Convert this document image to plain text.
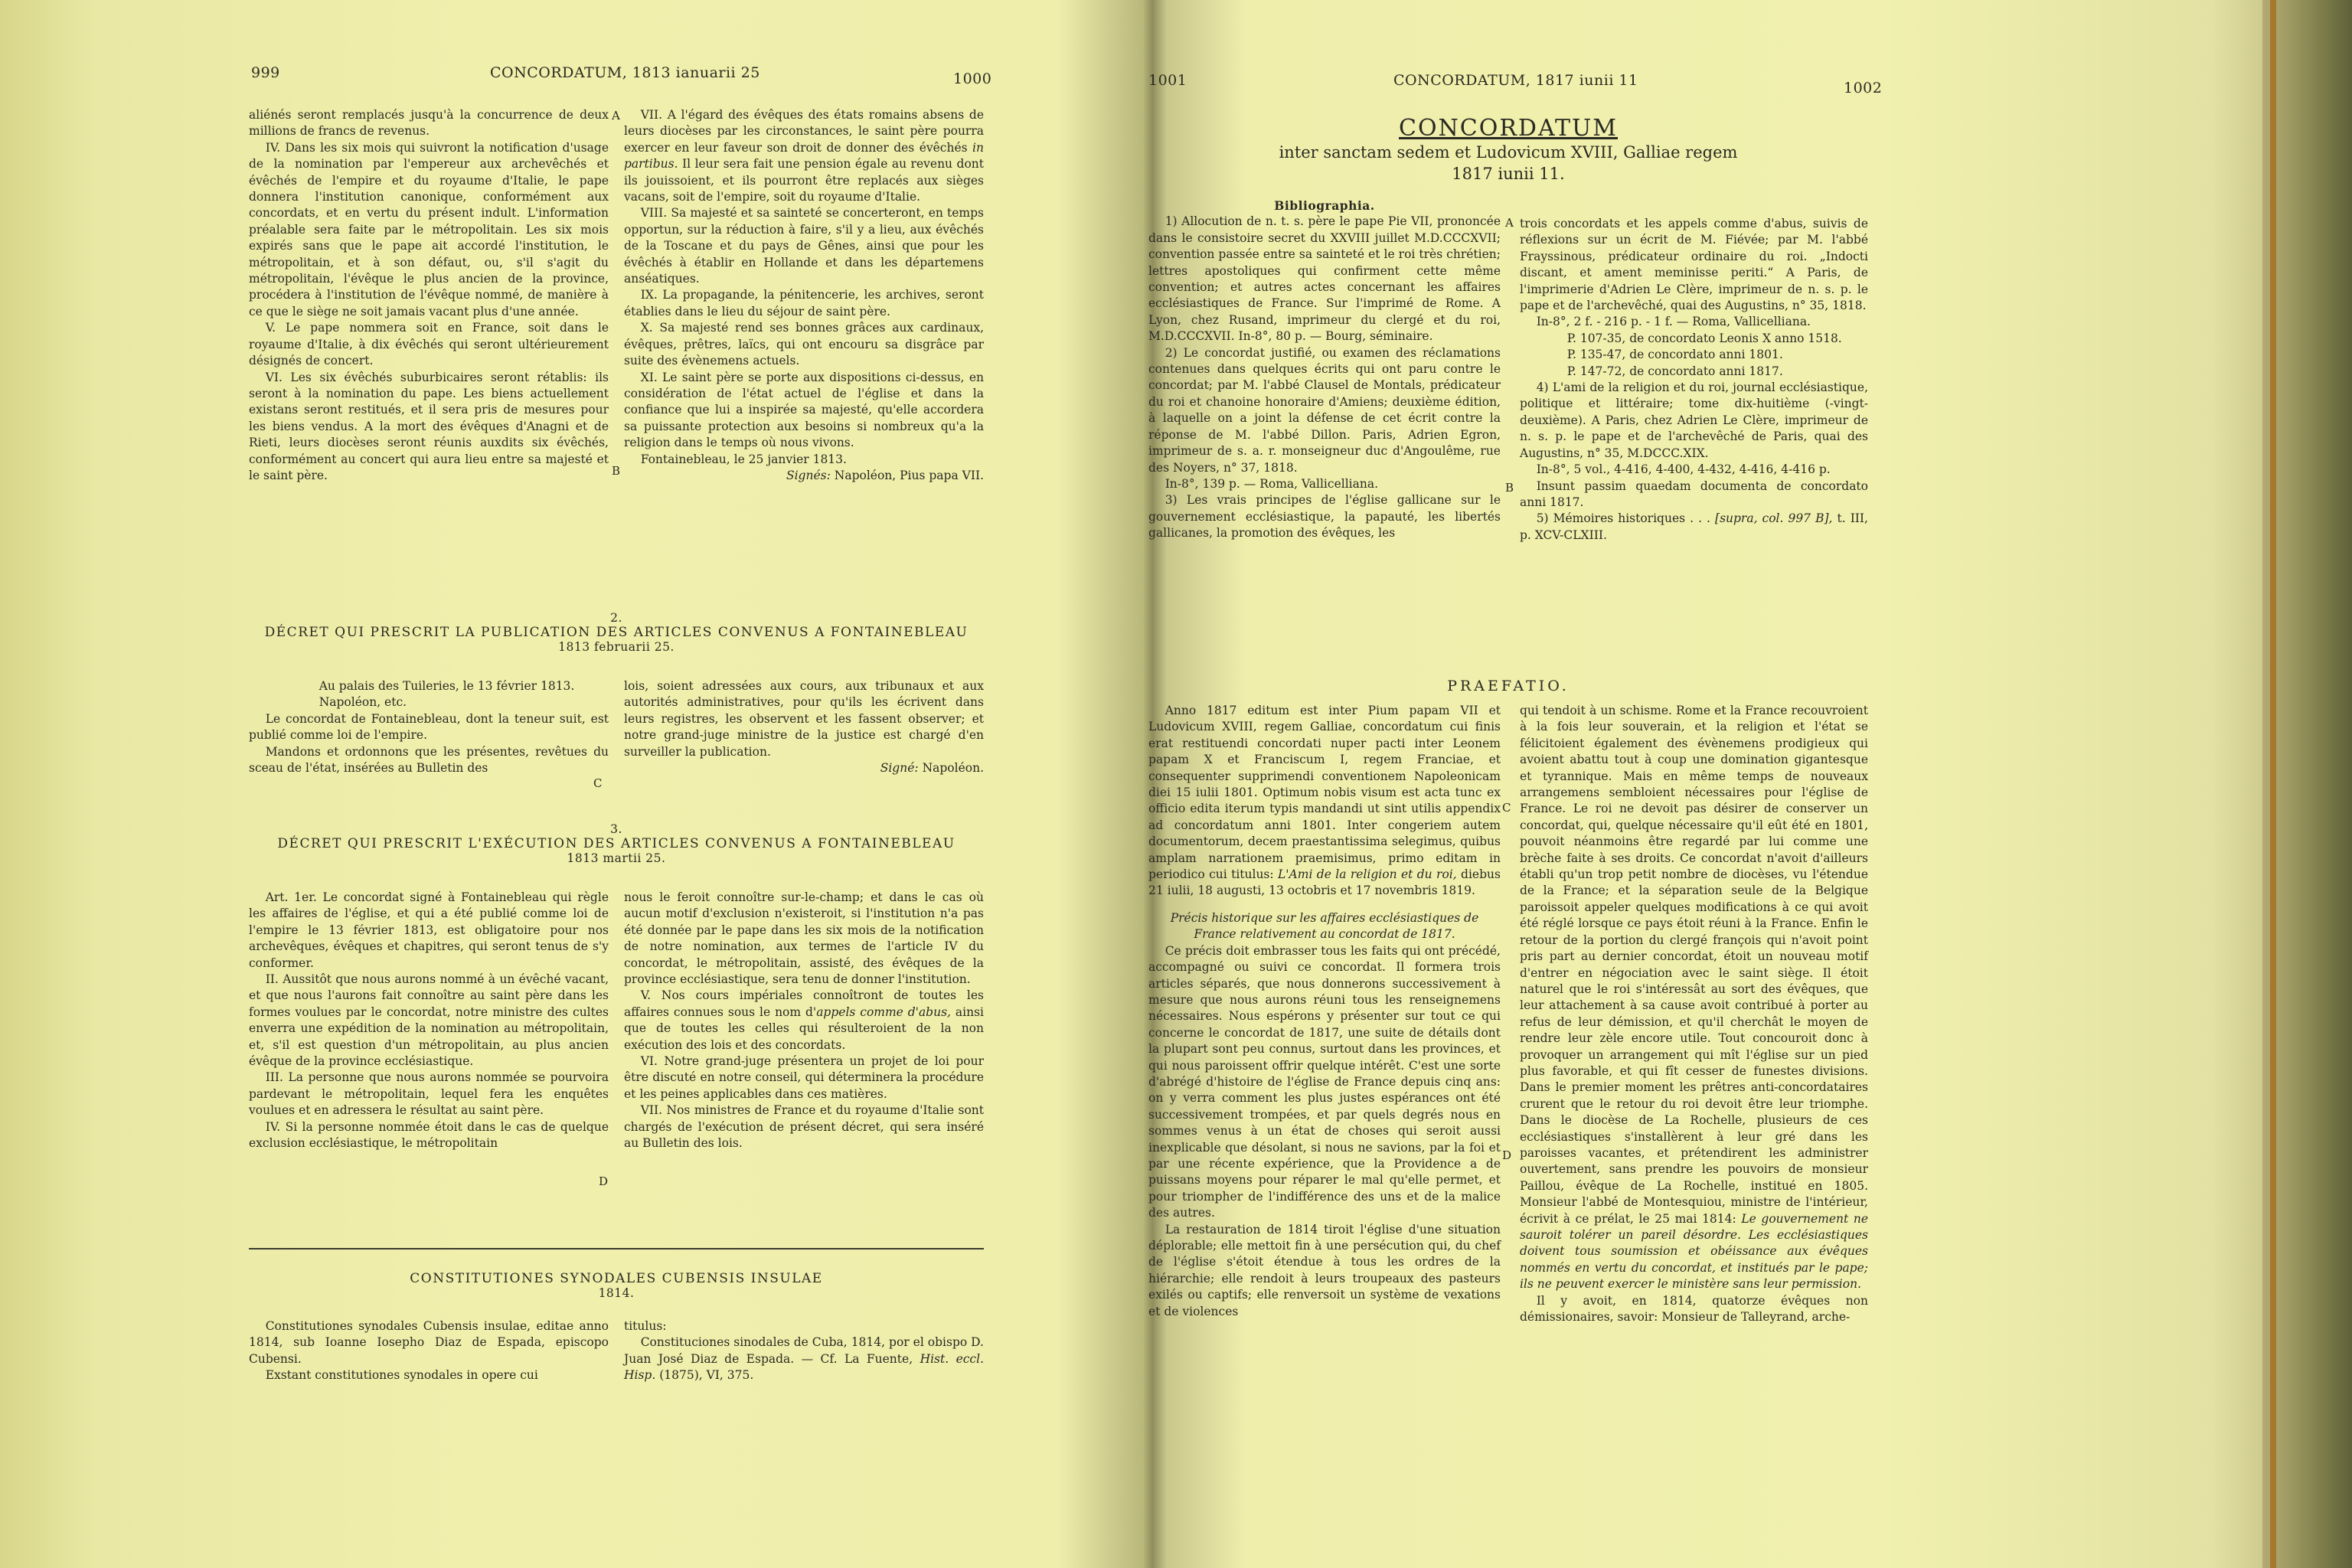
999	CONCORDATUM, 1813 ianuarii 25	1000

aliénés seront remplacés jusqu'à la concurrence de deux millions de francs de revenus.

IV. Dans les six mois qui suivront la notification d'usage de la nomination par l'empereur aux archevêchés et évêchés de l'empire et du royaume d'Italie, le pape donnera l'institution canonique, conformément aux concordats, et en vertu du présent indult. L'information préalable sera faite par le métropolitain. Les six mois expirés sans que le pape ait accordé l'institution, le métropolitain, et à son défaut, ou, s'il s'agit du métropolitain, l'évêque le plus ancien de la province, procédera à l'institution de l'évêque nommé, de manière à ce que le siège ne soit jamais vacant plus d'une année.

V. Le pape nommera soit en France, soit dans le royaume d'Italie, à dix évêchés qui seront ultérieurement désignés de concert.

VI. Les six évêchés suburbicaires seront rétablis: ils seront à la nomination du pape. Les biens actuellement existans seront restitués, et il sera pris de mesures pour les biens vendus. A la mort des évêques d'Anagni et de Rieti, leurs diocèses seront réunis auxdits six évêchés, conformément au concert qui aura lieu entre sa majesté et le saint père.

A
B

VII. A l'égard des évêques des états romains absens de leurs diocèses par les circonstances, le saint père pourra exercer en leur faveur son droit de donner des évêchés in partibus. Il leur sera fait une pension égale au revenu dont ils jouissoient, et ils pourront être replacés aux sièges vacans, soit de l'empire, soit du royaume d'Italie.

VIII. Sa majesté et sa sainteté se concerteront, en temps opportun, sur la réduction à faire, s'il y a lieu, aux évêchés de la Toscane et du pays de Gênes, ainsi que pour les évêchés à établir en Hollande et dans les départemens anséatiques.

IX. La propagande, la pénitencerie, les archives, seront établies dans le lieu du séjour de saint père.

X. Sa majesté rend ses bonnes grâces aux cardinaux, évêques, prêtres, laïcs, qui ont encouru sa disgrâce par suite des évènemens actuels.

XI. Le saint père se porte aux dispositions ci-dessus, en considération de l'état actuel de l'église et dans la confiance que lui a inspirée sa majesté, qu'elle accordera sa puissante protection aux besoins si nombreux qu'a la religion dans le temps où nous vivons.

Fontainebleau, le 25 janvier 1813.

Signés: Napoléon, Pius papa VII.

2.
DÉCRET QUI PRESCRIT LA PUBLICATION DES ARTICLES CONVENUS A FONTAINEBLEAU
1813 februarii 25.

Au palais des Tuileries, le 13 février 1813.

Napoléon, etc.

Le concordat de Fontainebleau, dont la teneur suit, est publié comme loi de l'empire.

Mandons et ordonnons que les présentes, revêtues du sceau de l'état, insérées au Bulletin des

C

lois, soient adressées aux cours, aux tribunaux et aux autorités administratives, pour qu'ils les écrivent dans leurs registres, les observent et les fassent observer; et notre grand-juge ministre de la justice est chargé d'en surveiller la publication.

Signé: Napoléon.

3.
DÉCRET QUI PRESCRIT L'EXÉCUTION DES ARTICLES CONVENUS A FONTAINEBLEAU
1813 martii 25.

Art. 1er. Le concordat signé à Fontainebleau qui règle les affaires de l'église, et qui a été publié comme loi de l'empire le 13 février 1813, est obligatoire pour nos archevêques, évêques et chapitres, qui seront tenus de s'y conformer.

II. Aussitôt que nous aurons nommé à un évêché vacant, et que nous l'aurons fait connoître au saint père dans les formes voulues par le concordat, notre ministre des cultes enverra une expédition de la nomination au métropolitain, et, s'il est question d'un métropolitain, au plus ancien évêque de la province ecclésiastique.

III. La personne que nous aurons nommée se pourvoira pardevant le métropolitain, lequel fera les enquêtes voulues et en adressera le résultat au saint père.

IV. Si la personne nommée étoit dans le cas de quelque exclusion ecclésiastique, le métropolitain

D

nous le feroit connoître sur-le-champ; et dans le cas où aucun motif d'exclusion n'existeroit, si l'institution n'a pas été donnée par le pape dans les six mois de la notification de notre nomination, aux termes de l'article IV du concordat, le métropolitain, assisté, des évêques de la province ecclésiastique, sera tenu de donner l'institution.

V. Nos cours impériales connoîtront de toutes les affaires connues sous le nom d'appels comme d'abus, ainsi que de toutes les celles qui résulteroient de la non exécution des lois et des concordats.

VI. Notre grand-juge présentera un projet de loi pour être discuté en notre conseil, qui déterminera la procédure et les peines applicables dans ces matières.

VII. Nos ministres de France et du royaume d'Italie sont chargés de l'exécution de présent décret, qui sera inséré au Bulletin des lois.

CONSTITUTIONES SYNODALES CUBENSIS INSULAE
1814.

Constitutiones synodales Cubensis insulae, editae anno 1814, sub Ioanne Iosepho Diaz de Espada, episcopo Cubensi.

Exstant constitutiones synodales in opere cui

titulus:

Constituciones sinodales de Cuba, 1814, por el obispo D. Juan José Diaz de Espada. — Cf. La Fuente, Hist. eccl. Hisp. (1875), VI, 375.

1001	CONCORDATUM, 1817 iunii 11	1002
CONCORDATUM
inter sanctam sedem et Ludovicum XVIII, Galliae regem
1817 iunii 11.

Bibliographia.

1) Allocution de n. t. s. père le pape Pie VII, prononcée dans le consistoire secret du XXVIII juillet M.D.CCCXVII; convention passée entre sa sainteté et le roi très chrétien; lettres apostoliques qui confirment cette même convention; et autres actes concernant les affaires ecclésiastiques de France. Sur l'imprimé de Rome. A Lyon, chez Rusand, imprimeur du clergé et du roi, M.D.CCCXVII. In-8°, 80 p. — Bourg, séminaire.

2) Le concordat justifié, ou examen des réclamations contenues dans quelques écrits qui ont paru contre le concordat; par M. l'abbé Clausel de Montals, prédicateur du roi et chanoine honoraire d'Amiens; deuxième édition, à laquelle on a joint la défense de cet écrit contre la réponse de M. l'abbé Dillon. Paris, Adrien Egron, imprimeur de s. a. r. monseigneur duc d'Angoulême, rue des Noyers, n° 37, 1818.

In-8°, 139 p. — Roma, Vallicelliana.

3) Les vrais principes de l'église gallicane sur le gouvernement ecclésiastique, la papauté, les libertés gallicanes, la promotion des évêques, les

A
B

trois concordats et les appels comme d'abus, suivis de réflexions sur un écrit de M. Fiévée; par M. l'abbé Frayssinous, prédicateur ordinaire du roi. „Indocti discant, et ament meminisse periti.“ A Paris, de l'imprimerie d'Adrien Le Clère, imprimeur de n. s. p. le pape et de l'archevêché, quai des Augustins, n° 35, 1818.

In-8°, 2 f. - 216 p. - 1 f. — Roma, Vallicelliana.

P. 107-35, de concordato Leonis X anno 1518.

P. 135-47, de concordato anni 1801.

P. 147-72, de concordato anni 1817.

4) L'ami de la religion et du roi, journal ecclésiastique, politique et littéraire; tome dix-huitième (-vingt-deuxième). A Paris, chez Adrien Le Clère, imprimeur de n. s. p. le pape et de l'archevêché de Paris, quai des Augustins, n° 35, M.DCCC.XIX.

In-8°, 5 vol., 4-416, 4-400, 4-432, 4-416, 4-416 p.

Insunt passim quaedam documenta de concordato anni 1817.

5) Mémoires historiques . . . [supra, col. 997 B], t. III, p. XCV-CLXIII.

PRAEFATIO.

Anno 1817 editum est inter Pium papam VII et Ludovicum XVIII, regem Galliae, concordatum cui finis erat restituendi concordati nuper pacti inter Leonem papam X et Franciscum I, regem Franciae, et consequenter supprimendi conventionem Napoleonicam diei 15 iulii 1801. Optimum nobis visum est acta tunc ex officio edita iterum typis mandandi ut sint utilis appendix ad concordatum anni 1801. Inter congeriem autem documentorum, decem praestantissima selegimus, quibus amplam narrationem praemisimus, primo editam in periodico cui titulus: L'Ami de la religion et du roi, diebus 21 iulii, 18 augusti, 13 octobris et 17 novembris 1819.

Précis historique sur les affaires ecclésiastiques de France relativement au concordat de 1817.

Ce précis doit embrasser tous les faits qui ont précédé, accompagné ou suivi ce concordat. Il formera trois articles séparés, que nous donnerons successivement à mesure que nous aurons réuni tous les renseignemens nécessaires. Nous espérons y présenter sur tout ce qui concerne le concordat de 1817, une suite de détails dont la plupart sont peu connus, surtout dans les provinces, et qui nous paroissent offrir quelque intérêt. C'est une sorte d'abrégé d'histoire de l'église de France depuis cinq ans: on y verra comment les plus justes espérances ont été successivement trompées, et par quels degrés nous en sommes venus à un état de choses qui seroit aussi inexplicable que désolant, si nous ne savions, par la foi et par une récente expérience, que la Providence a de puissans moyens pour réparer le mal qu'elle permet, et pour triompher de l'indifférence des uns et de la malice des autres.

La restauration de 1814 tiroit l'église d'une situation déplorable; elle mettoit fin à une persécution qui, du chef de l'église s'étoit étendue à tous les ordres de la hiérarchie; elle rendoit à leurs troupeaux des pasteurs exilés ou captifs; elle renversoit un système de vexations et de violences

C
D

qui tendoit à un schisme. Rome et la France recouvroient à la fois leur souverain, et la religion et l'état se félicitoient également des évènemens prodigieux qui avoient abattu tout à coup une domination gigantesque et tyrannique. Mais en même temps de nouveaux arrangemens sembloient nécessaires pour l'église de France. Le roi ne devoit pas désirer de conserver un concordat, qui, quelque nécessaire qu'il eût été en 1801, pouvoit néanmoins être regardé par lui comme une brèche faite à ses droits. Ce concordat n'avoit d'ailleurs établi qu'un trop petit nombre de diocèses, vu l'étendue de la France; et la séparation seule de la Belgique paroissoit appeler quelques modifications à ce qui avoit été réglé lorsque ce pays étoit réuni à la France. Enfin le retour de la portion du clergé françois qui n'avoit point pris part au dernier concordat, étoit un nouveau motif d'entrer en négociation avec le saint siège. Il étoit naturel que le roi s'intéressât au sort des évêques, que leur attachement à sa cause avoit contribué à porter au refus de leur démission, et qu'il cherchât le moyen de rendre leur zèle encore utile. Tout concouroit donc à provoquer un arrangement qui mît l'église sur un pied plus favorable, et qui fît cesser de funestes divisions. Dans le premier moment les prêtres anti-concordataires crurent que le retour du roi devoit être leur triomphe. Dans le diocèse de La Rochelle, plusieurs de ces ecclésiastiques s'installèrent à leur gré dans les paroisses vacantes, et prétendirent les administrer ouvertement, sans prendre les pouvoirs de monsieur Paillou, évêque de La Rochelle, institué en 1805. Monsieur l'abbé de Montesquiou, ministre de l'intérieur, écrivit à ce prélat, le 25 mai 1814: Le gouvernement ne sauroit tolérer un pareil désordre. Les ecclésiastiques doivent tous soumission et obéissance aux évêques nommés en vertu du concordat, et institués par le pape; ils ne peuvent exercer le ministère sans leur permission.

Il y avoit, en 1814, quatorze évêques non démissionaires, savoir: Monsieur de Talleyrand, arche-
